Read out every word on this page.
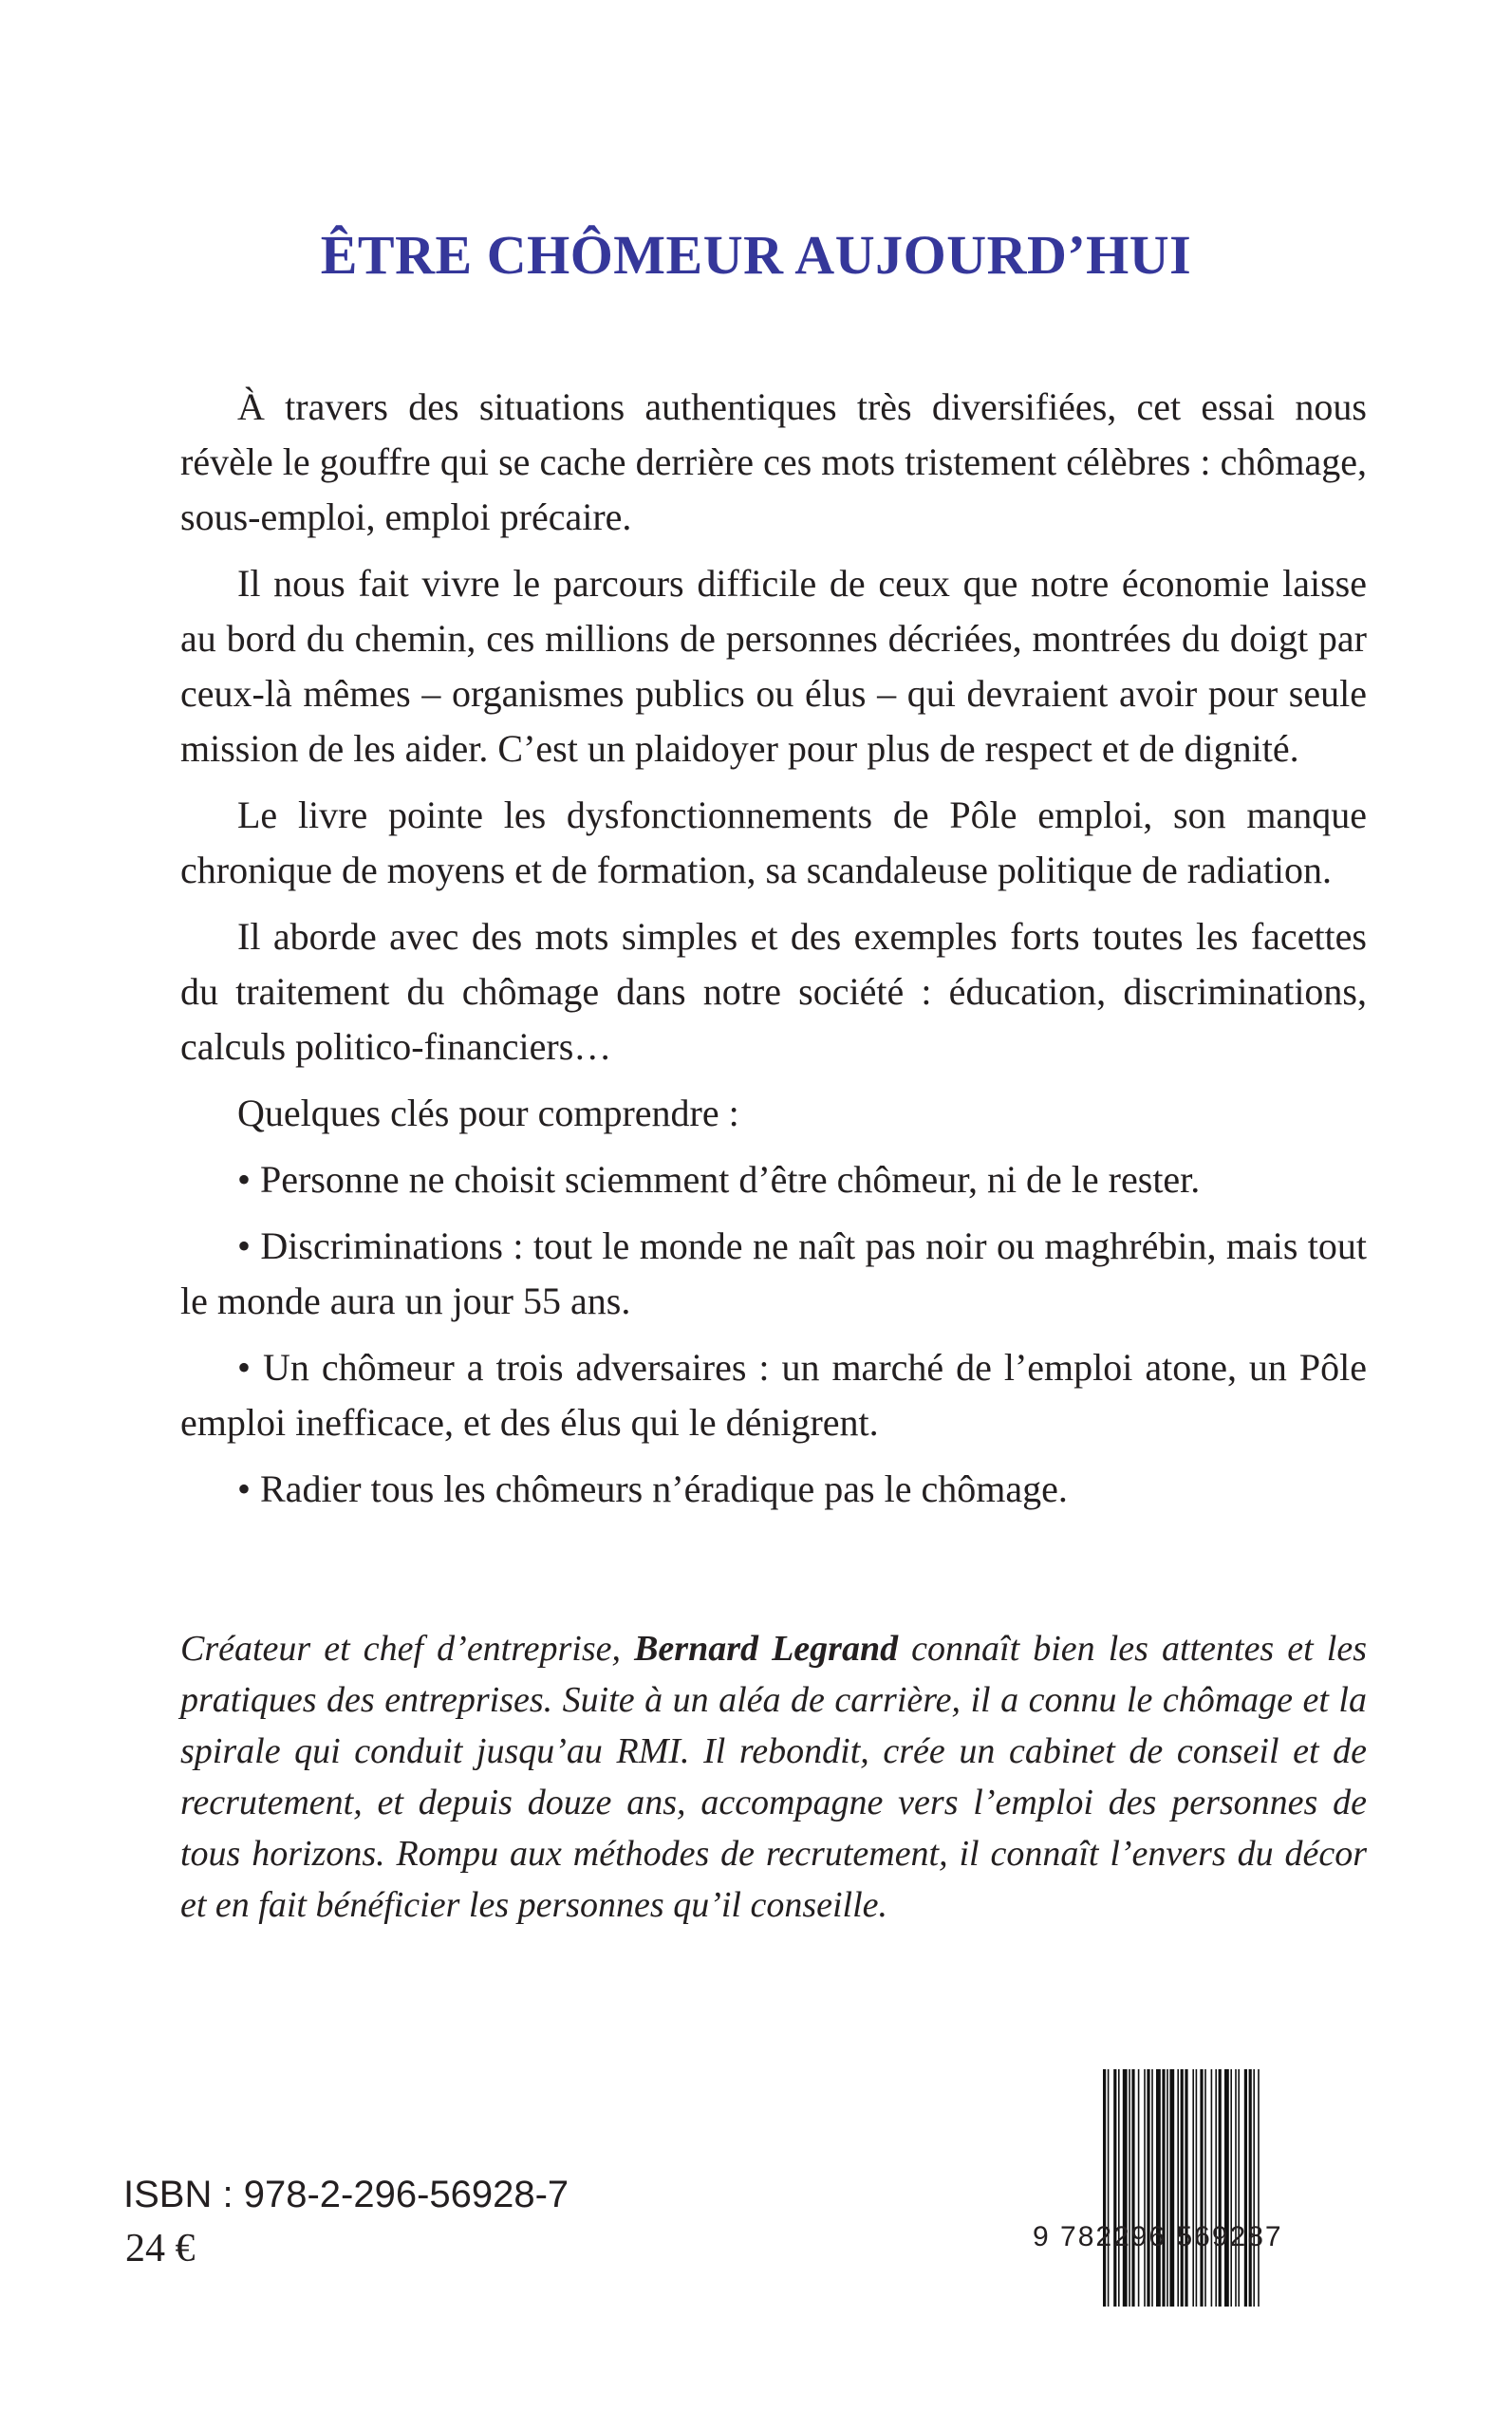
ÊTRE CHÔMEUR AUJOURD’HUI

À travers des situations authentiques très diversifiées, cet essai nous révèle le gouffre qui se cache derrière ces mots tristement célèbres : chômage, sous-emploi, emploi précaire.

Il nous fait vivre le parcours difficile de ceux que notre économie laisse au bord du chemin, ces millions de personnes décriées, montrées du doigt par ceux-là mêmes – organismes publics ou élus – qui devraient avoir pour seule mission de les aider. C’est un plaidoyer pour plus de respect et de dignité.

Le livre pointe les dysfonctionnements de Pôle emploi, son manque chronique de moyens et de formation, sa scandaleuse politique de radiation.

Il aborde avec des mots simples et des exemples forts toutes les facettes du traitement du chômage dans notre société : éducation, discriminations, calculs politico-financiers…

Quelques clés pour comprendre :

• Personne ne choisit sciemment d’être chômeur, ni de le rester.

• Discriminations : tout le monde ne naît pas noir ou maghrébin, mais tout le monde aura un jour 55 ans.

• Un chômeur a trois adversaires : un marché de l’emploi atone, un Pôle emploi inefficace, et des élus qui le dénigrent.

• Radier tous les chômeurs n’éradique pas le chômage.

Créateur et chef d’entreprise, Bernard Legrand connaît bien les attentes et les pratiques des entreprises. Suite à un aléa de carrière, il a connu le chômage et la spirale qui conduit jusqu’au RMI. Il rebondit, crée un cabinet de conseil et de recrutement, et depuis douze ans, accompagne vers l’emploi des personnes de tous horizons. Rompu aux méthodes de recrutement, il connaît l’envers du décor et en fait bénéficier les personnes qu’il conseille.
ISBN : 978-2-296-56928-7
24 €	9 782296 569287
